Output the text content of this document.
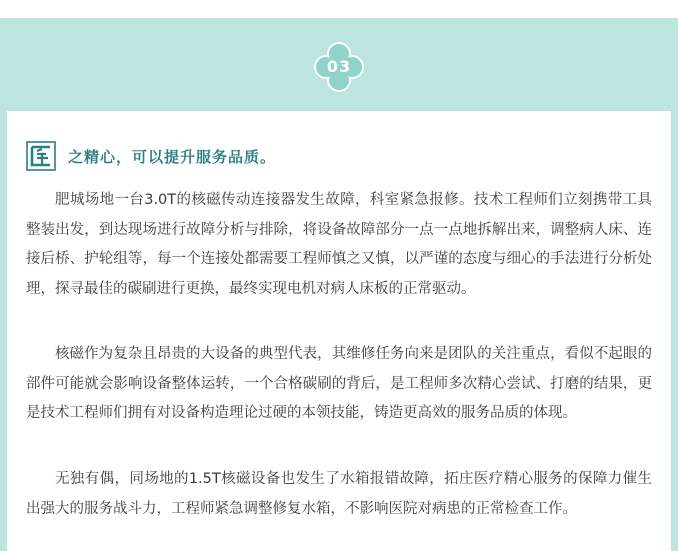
03
之精心，可以提升服务品质。

肥城场地一台3.0T的核磁传动连接器发生故障，科室紧急报修。技术工程师们立刻携带工具整装出发，到达现场进行故障分析与排除，将设备故障部分一点一点地拆解出来，调整病人床、连接后桥、护轮组等，每一个连接处都需要工程师慎之又慎，以严谨的态度与细心的手法进行分析处理，探寻最佳的碳刷进行更换，最终实现电机对病人床板的正常驱动。

核磁作为复杂且昂贵的大设备的典型代表，其维修任务向来是团队的关注重点，看似不起眼的部件可能就会影响设备整体运转，一个合格碳刷的背后，是工程师多次精心尝试、打磨的结果，更是技术工程师们拥有对设备构造理论过硬的本领技能，铸造更高效的服务品质的体现。

无独有偶，同场地的1.5T核磁设备也发生了水箱报错故障，拓庄医疗精心服务的保障力催生出强大的服务战斗力，工程师紧急调整修复水箱，不影响医院对病患的正常检查工作。
